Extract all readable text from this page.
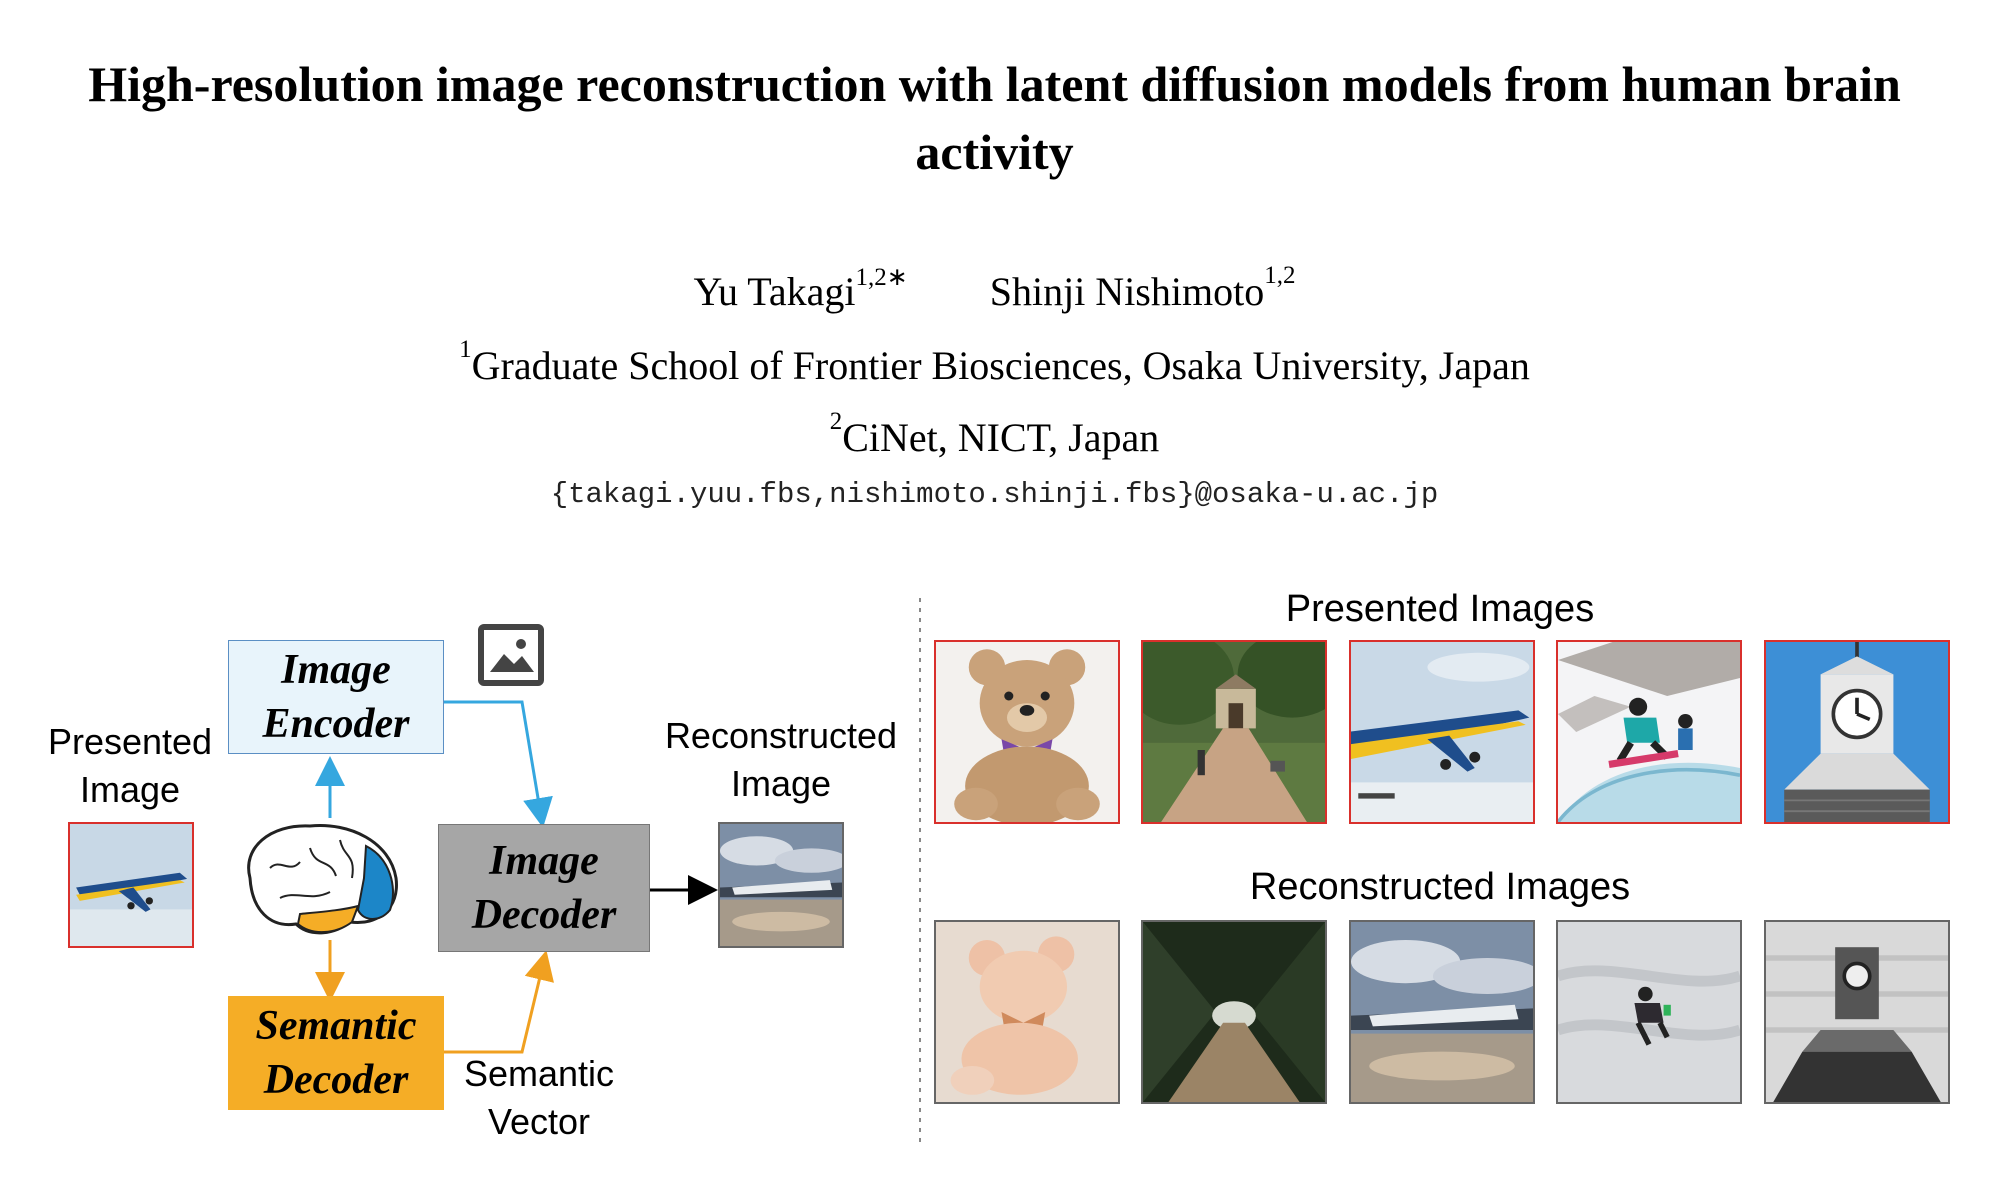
High-resolution image reconstruction with latent diffusion models from human brain activity
Yu Takagi$^{1,2∗}$ Shinji Nishimoto$^{1,2}$
$^1$Graduate School of Frontier Biosciences, Osaka University, Japan
$^2$CiNet, NICT, Japan
{takagi.yuu.fbs,nishimoto.shinji.fbs}@osaka-u.ac.jp
Presented
Image
Image
Encoder
Image
Decoder
Semantic
Decoder	Semantic
Vector
Reconstructed
Image
Presented Images
Reconstructed Images
